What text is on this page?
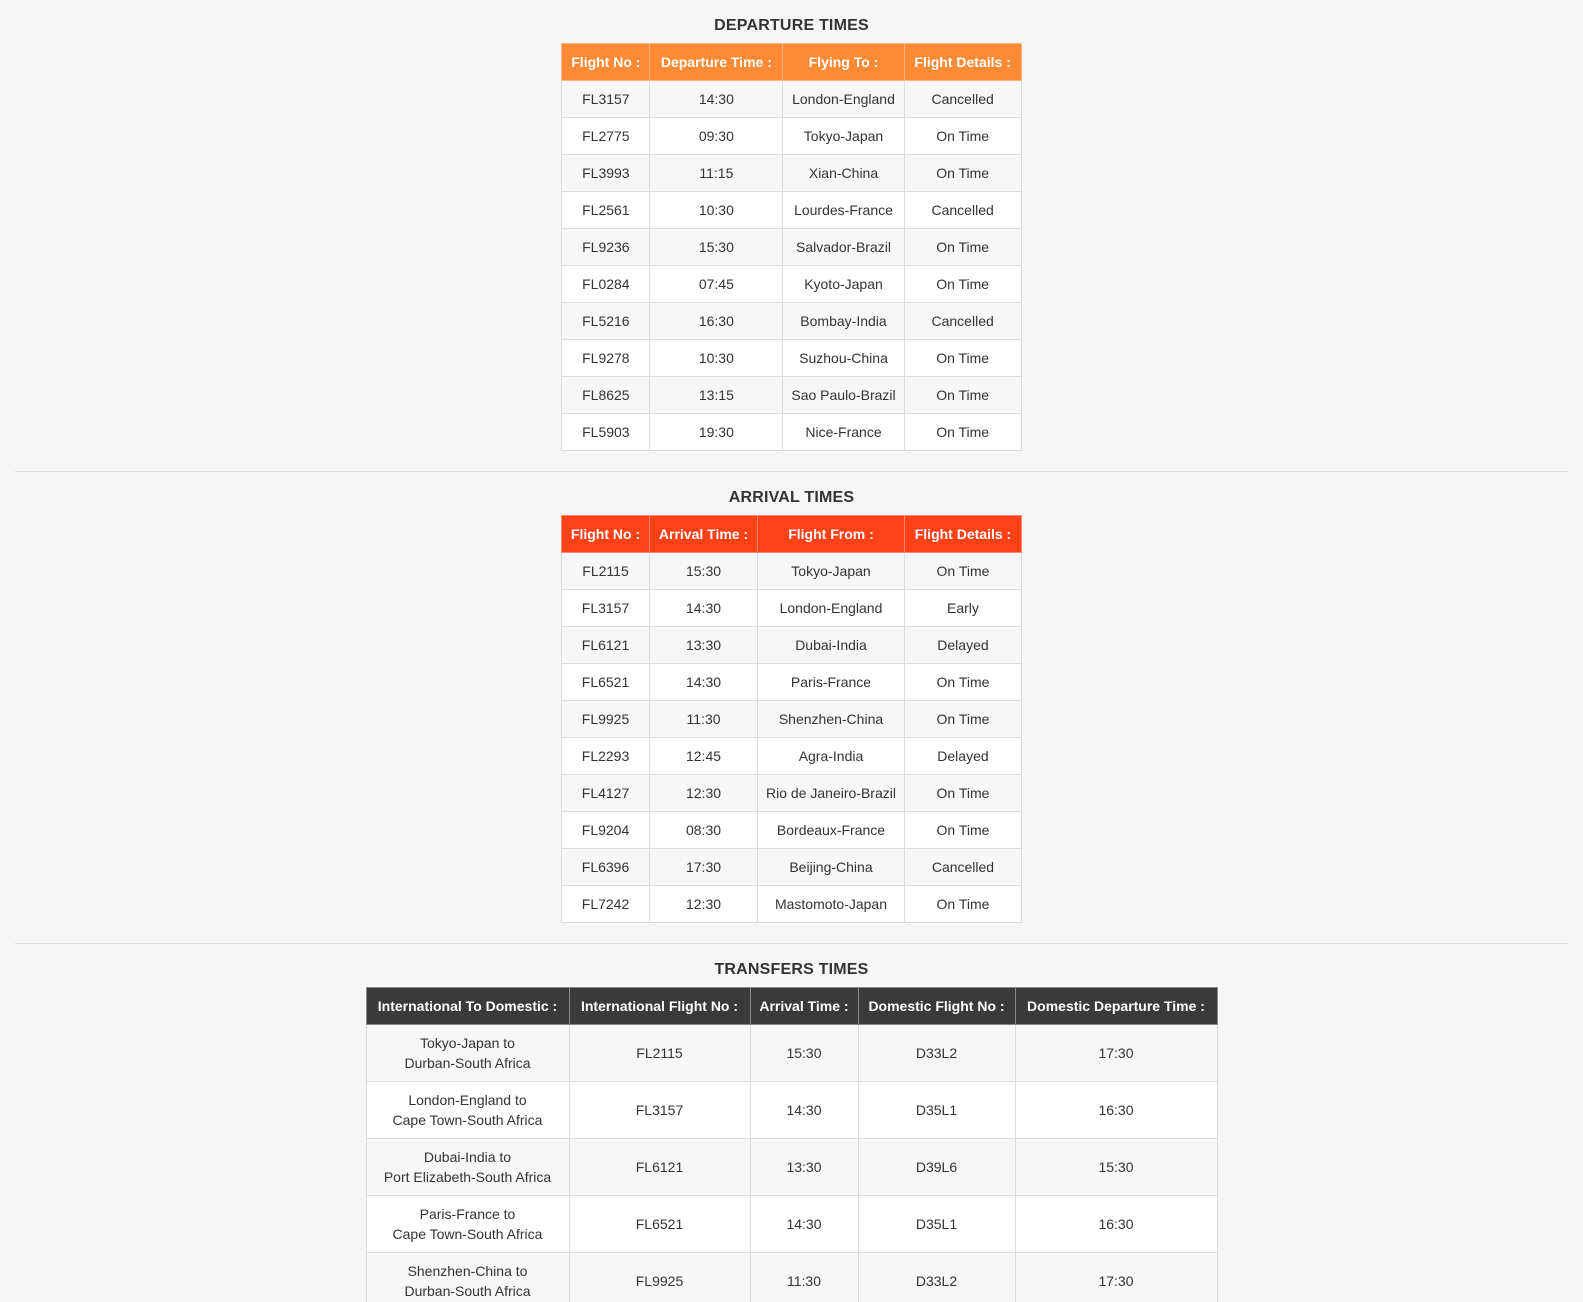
DEPARTURE TIMES
Flight No :	Departure Time :	Flying To :	Flight Details :
FL3157	14:30	London-England	Cancelled
FL2775	09:30	Tokyo-Japan	On Time
FL3993	11:15	Xian-China	On Time
FL2561	10:30	Lourdes-France	Cancelled
FL9236	15:30	Salvador-Brazil	On Time
FL0284	07:45	Kyoto-Japan	On Time
FL5216	16:30	Bombay-India	Cancelled
FL9278	10:30	Suzhou-China	On Time
FL8625	13:15	Sao Paulo-Brazil	On Time
FL5903	19:30	Nice-France	On Time
ARRIVAL TIMES
Flight No :	Arrival Time :	Flight From :	Flight Details :
FL2115	15:30	Tokyo-Japan	On Time
FL3157	14:30	London-England	Early
FL6121	13:30	Dubai-India	Delayed
FL6521	14:30	Paris-France	On Time
FL9925	11:30	Shenzhen-China	On Time
FL2293	12:45	Agra-India	Delayed
FL4127	12:30	Rio de Janeiro-Brazil	On Time
FL9204	08:30	Bordeaux-France	On Time
FL6396	17:30	Beijing-China	Cancelled
FL7242	12:30	Mastomoto-Japan	On Time
TRANSFERS TIMES
International To Domestic :	International Flight No :	Arrival Time :	Domestic Flight No :	Domestic Departure Time :

Tokyo-Japan to
Durban-South Africa	FL2115	15:30	D33L2	17:30

London-England to
Cape Town-South Africa	FL3157	14:30	D35L1	16:30

Dubai-India to
Port Elizabeth-South Africa	FL6121	13:30	D39L6	15:30

Paris-France to
Cape Town-South Africa	FL6521	14:30	D35L1	16:30

Shenzhen-China to
Durban-South Africa	FL9925	11:30	D33L2	17:30
